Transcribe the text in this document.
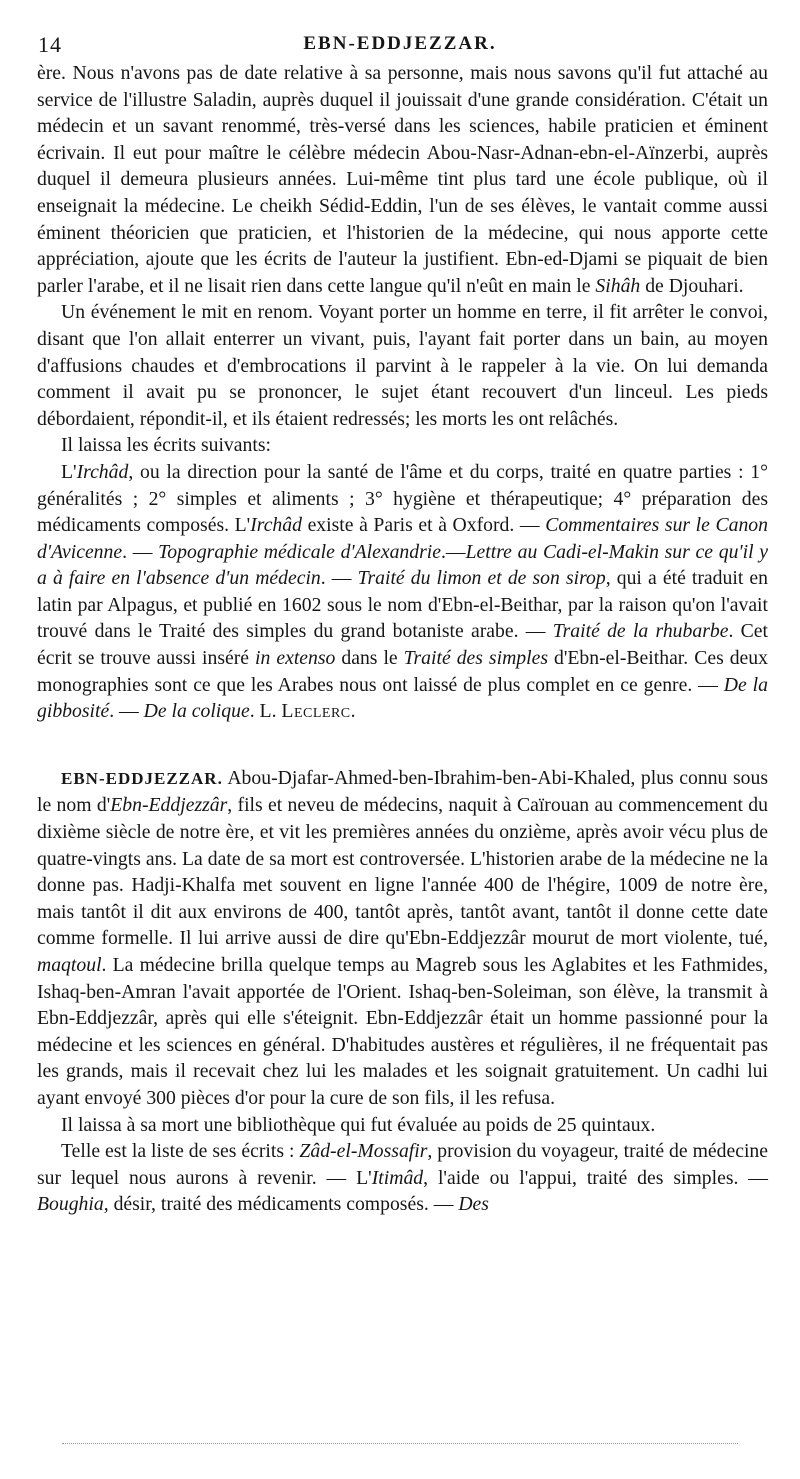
14	EBN-EDDJEZZAR.

ère. Nous n'avons pas de date relative à sa personne, mais nous savons qu'il fut attaché au service de l'illustre Saladin, auprès duquel il jouissait d'une grande considération. C'était un médecin et un savant renommé, très-versé dans les sciences, habile praticien et éminent écrivain. Il eut pour maître le célèbre médecin Abou-Nasr-Adnan-ebn-el-Aïnzerbi, auprès duquel il demeura plusieurs années. Lui-même tint plus tard une école publique, où il enseignait la médecine. Le cheikh Sédid-Eddin, l'un de ses élèves, le vantait comme aussi éminent théoricien que praticien, et l'historien de la médecine, qui nous apporte cette appréciation, ajoute que les écrits de l'auteur la justifient. Ebn-ed-Djami se piquait de bien parler l'arabe, et il ne lisait rien dans cette langue qu'il n'eût en main le Sihâh de Djouhari.

Un événement le mit en renom. Voyant porter un homme en terre, il fit arrêter le convoi, disant que l'on allait enterrer un vivant, puis, l'ayant fait porter dans un bain, au moyen d'affusions chaudes et d'embrocations il parvint à le rappeler à la vie. On lui demanda comment il avait pu se prononcer, le sujet étant recouvert d'un linceul. Les pieds débordaient, répondit-il, et ils étaient redressés; les morts les ont relâchés.

Il laissa les écrits suivants:

L'Irchâd, ou la direction pour la santé de l'âme et du corps, traité en quatre parties : 1° généralités ; 2° simples et aliments ; 3° hygiène et thérapeutique; 4° préparation des médicaments composés. L'Irchâd existe à Paris et à Oxford. — Commentaires sur le Canon d'Avicenne. — Topographie médicale d'Alexandrie.—Lettre au Cadi-el-Makin sur ce qu'il y a à faire en l'absence d'un médecin. — Traité du limon et de son sirop, qui a été traduit en latin par Alpagus, et publié en 1602 sous le nom d'Ebn-el-Beithar, par la raison qu'on l'avait trouvé dans le Traité des simples du grand botaniste arabe. — Traité de la rhubarbe. Cet écrit se trouve aussi inséré in extenso dans le Traité des simples d'Ebn-el-Beithar. Ces deux monographies sont ce que les Arabes nous ont laissé de plus complet en ce genre. — De la gibbosité. — De la colique. L. Leclerc.

EBN-EDDJEZZAR. Abou-Djafar-Ahmed-ben-Ibrahim-ben-Abi-Khaled, plus connu sous le nom d'Ebn-Eddjezzâr, fils et neveu de médecins, naquit à Caïrouan au commencement du dixième siècle de notre ère, et vit les premières années du onzième, après avoir vécu plus de quatre-vingts ans. La date de sa mort est controversée. L'historien arabe de la médecine ne la donne pas. Hadji-Khalfa met souvent en ligne l'année 400 de l'hégire, 1009 de notre ère, mais tantôt il dit aux environs de 400, tantôt après, tantôt avant, tantôt il donne cette date comme formelle. Il lui arrive aussi de dire qu'Ebn-Eddjezzâr mourut de mort violente, tué, maqtoul. La médecine brilla quelque temps au Magreb sous les Aglabites et les Fathmides, Ishaq-ben-Amran l'avait apportée de l'Orient. Ishaq-ben-Soleiman, son élève, la transmit à Ebn-Eddjezzâr, après qui elle s'éteignit. Ebn-Eddjezzâr était un homme passionné pour la médecine et les sciences en général. D'habitudes austères et régulières, il ne fréquentait pas les grands, mais il recevait chez lui les malades et les soignait gratuitement. Un cadhi lui ayant envoyé 300 pièces d'or pour la cure de son fils, il les refusa.

Il laissa à sa mort une bibliothèque qui fut évaluée au poids de 25 quintaux.

Telle est la liste de ses écrits : Zâd-el-Mossafir, provision du voyageur, traité de médecine sur lequel nous aurons à revenir. — L'Itimâd, l'aide ou l'appui, traité des simples. — Boughia, désir, traité des médicaments composés. — Des
